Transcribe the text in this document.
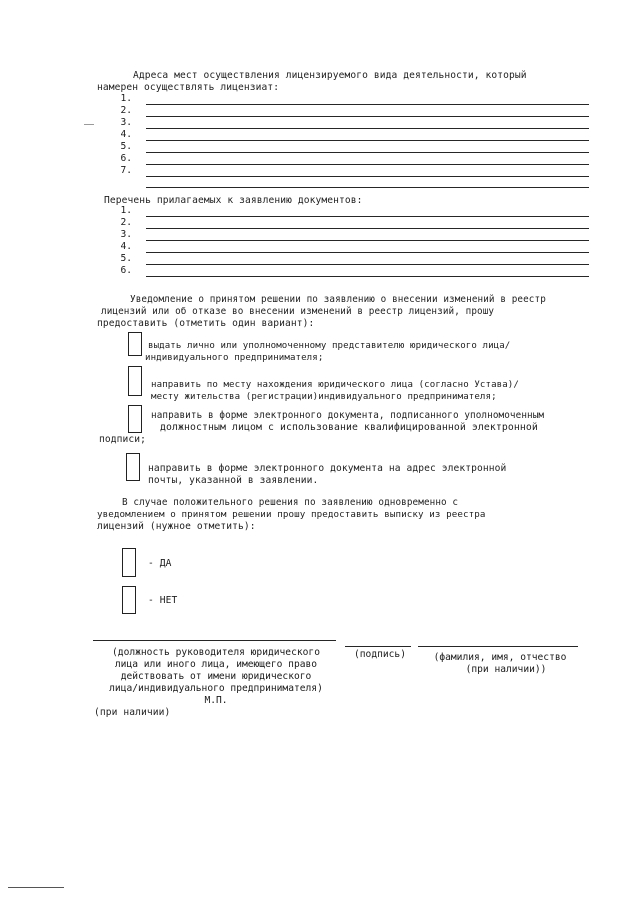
Адреса мест осуществления лицензируемого вида деятельности, который
намерен осуществлять лицензиат:
1.
2.
3.
4.
5.
6.
7.
Перечень прилагаемых к заявлению документов:
1.
2.
3.
4.
5.
6.
Уведомление о принятом решении по заявлению о внесении изменений в реестр
лицензий или об отказе во внесении изменений в реестр лицензий, прошу
предоставить (отметить один вариант):
выдать лично или уполномоченному представителю юридического лица/
индивидуального предпринимателя;
направить по месту нахождения юридического лица (согласно Устава)/
месту жительства (регистрации)индивидуального предпринимателя;
направить в форме электронного документа, подписанного уполномоченным
должностным лицом с использование квалифицированной электронной
подписи;
направить в форме электронного документа на адрес электронной
почты, указанной в заявлении.
В случае положительного решения по заявлению одновременно с
уведомлением о принятом решении прошу предоставить выписку из реестра
лицензий (нужное отметить):
- ДА
- НЕТ
(должность руководителя юридического
лица или иного лица, имеющего право
действовать от имени юридического
лица/индивидуального предпринимателя)
М.П.
(при наличии)
(подпись)	(фамилия, имя, отчество
(при наличии))
